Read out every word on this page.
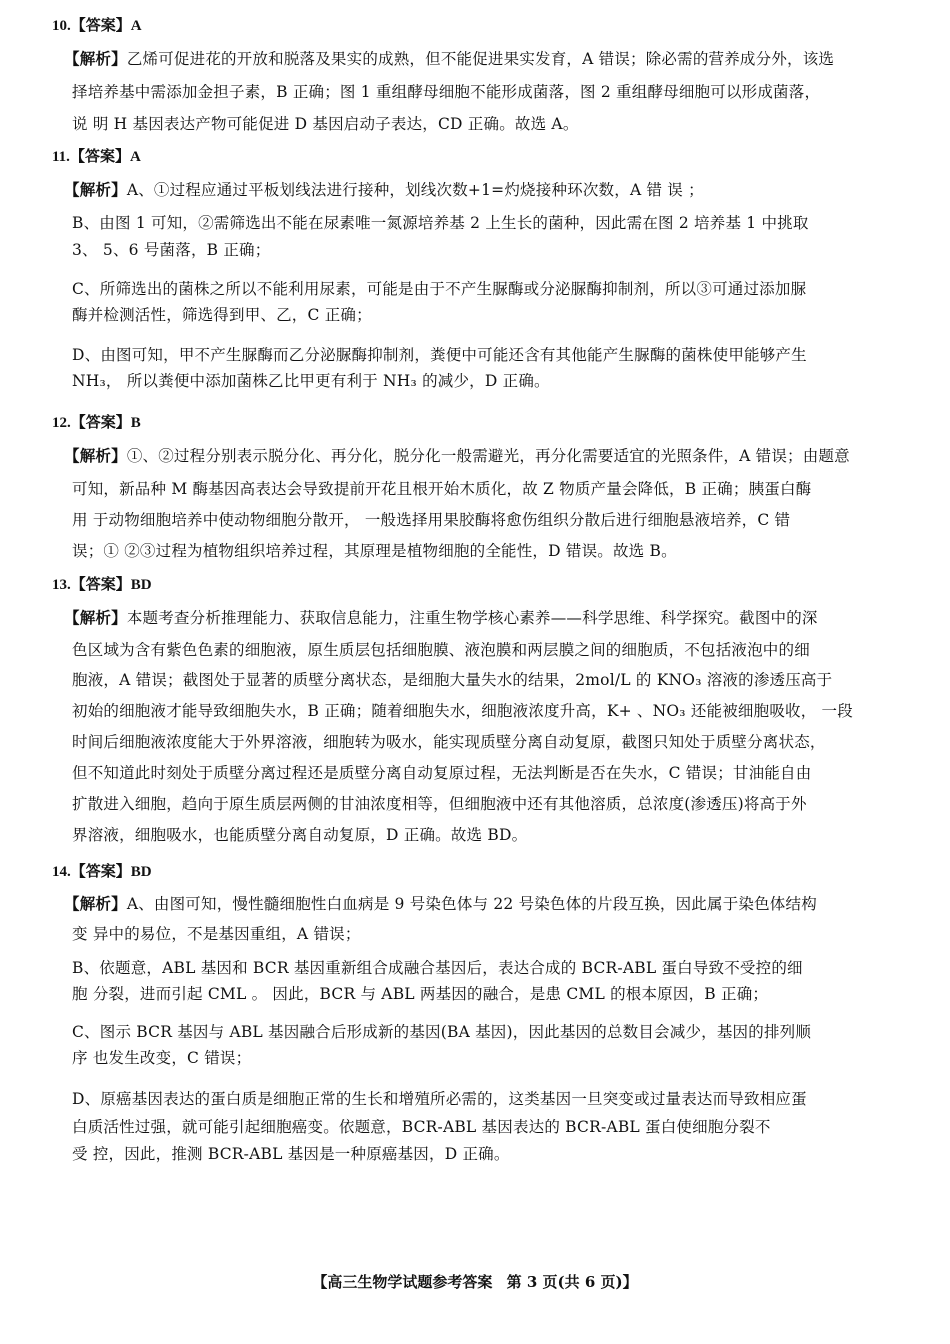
10.【答案】A
【解析】乙烯可促进花的开放和脱落及果实的成熟，但不能促进果实发育，A 错误；除必需的营养成分外，该选
择培养基中需添加金担子素，B 正确；图 1 重组酵母细胞不能形成菌落，图 2 重组酵母细胞可以形成菌落，
说 明 H 基因表达产物可能促进 D 基因启动子表达，CD 正确。故选 A。
11.【答案】A
【解析】A、①过程应通过平板划线法进行接种，划线次数+1=灼烧接种环次数，A 错 误 ；
B、由图 1 可知，②需筛选出不能在尿素唯一氮源培养基 2 上生长的菌种，因此需在图 2 培养基 1 中挑取
3、 5、6 号菌落，B 正确；
C、所筛选出的菌株之所以不能利用尿素，可能是由于不产生脲酶或分泌脲酶抑制剂，所以③可通过添加脲
酶并检测活性，筛选得到甲、乙，C 正确；
D、由图可知，甲不产生脲酶而乙分泌脲酶抑制剂，粪便中可能还含有其他能产生脲酶的菌株使甲能够产生
NH₃， 所以粪便中添加菌株乙比甲更有利于 NH₃ 的减少，D 正确。
12.【答案】B
【解析】①、②过程分别表示脱分化、再分化，脱分化一般需避光，再分化需要适宜的光照条件，A 错误；由题意
可知，新品种 M 酶基因高表达会导致提前开花且根开始木质化，故 Z 物质产量会降低，B 正确；胰蛋白酶
用 于动物细胞培养中使动物细胞分散开， 一般选择用果胶酶将愈伤组织分散后进行细胞悬液培养，C 错
误；① ②③过程为植物组织培养过程，其原理是植物细胞的全能性，D 错误。故选 B。
13.【答案】BD
【解析】本题考查分析推理能力、获取信息能力，注重生物学核心素养——科学思维、科学探究。截图中的深
色区域为含有紫色色素的细胞液，原生质层包括细胞膜、液泡膜和两层膜之间的细胞质，不包括液泡中的细
胞液，A 错误；截图处于显著的质壁分离状态，是细胞大量失水的结果，2mol/L 的 KNO₃ 溶液的渗透压高于
初始的细胞液才能导致细胞失水，B 正确；随着细胞失水，细胞液浓度升高，K+ 、NO₃ 还能被细胞吸收， 一段
时间后细胞液浓度能大于外界溶液，细胞转为吸水，能实现质壁分离自动复原，截图只知处于质壁分离状态，
但不知道此时刻处于质壁分离过程还是质壁分离自动复原过程，无法判断是否在失水，C 错误；甘油能自由
扩散进入细胞，趋向于原生质层两侧的甘油浓度相等，但细胞液中还有其他溶质，总浓度(渗透压)将高于外
界溶液，细胞吸水，也能质壁分离自动复原，D 正确。故选 BD。
14.【答案】BD
【解析】A、由图可知，慢性髓细胞性白血病是 9 号染色体与 22 号染色体的片段互换，因此属于染色体结构
变 异中的易位，不是基因重组，A 错误；
B、依题意，ABL 基因和 BCR 基因重新组合成融合基因后，表达合成的 BCR-ABL 蛋白导致不受控的细
胞 分裂，进而引起 CML 。 因此，BCR 与 ABL 两基因的融合，是患 CML 的根本原因，B 正确；
C、图示 BCR 基因与 ABL 基因融合后形成新的基因(BA 基因)，因此基因的总数目会减少，基因的排列顺
序 也发生改变，C 错误；
D、原癌基因表达的蛋白质是细胞正常的生长和增殖所必需的，这类基因一旦突变或过量表达而导致相应蛋
白质活性过强，就可能引起细胞癌变。依题意，BCR-ABL 基因表达的 BCR-ABL 蛋白使细胞分裂不
受 控，因此，推测 BCR-ABL 基因是一种原癌基因，D 正确。
【高三生物学试题参考答案 第 3 页(共 6 页)】
